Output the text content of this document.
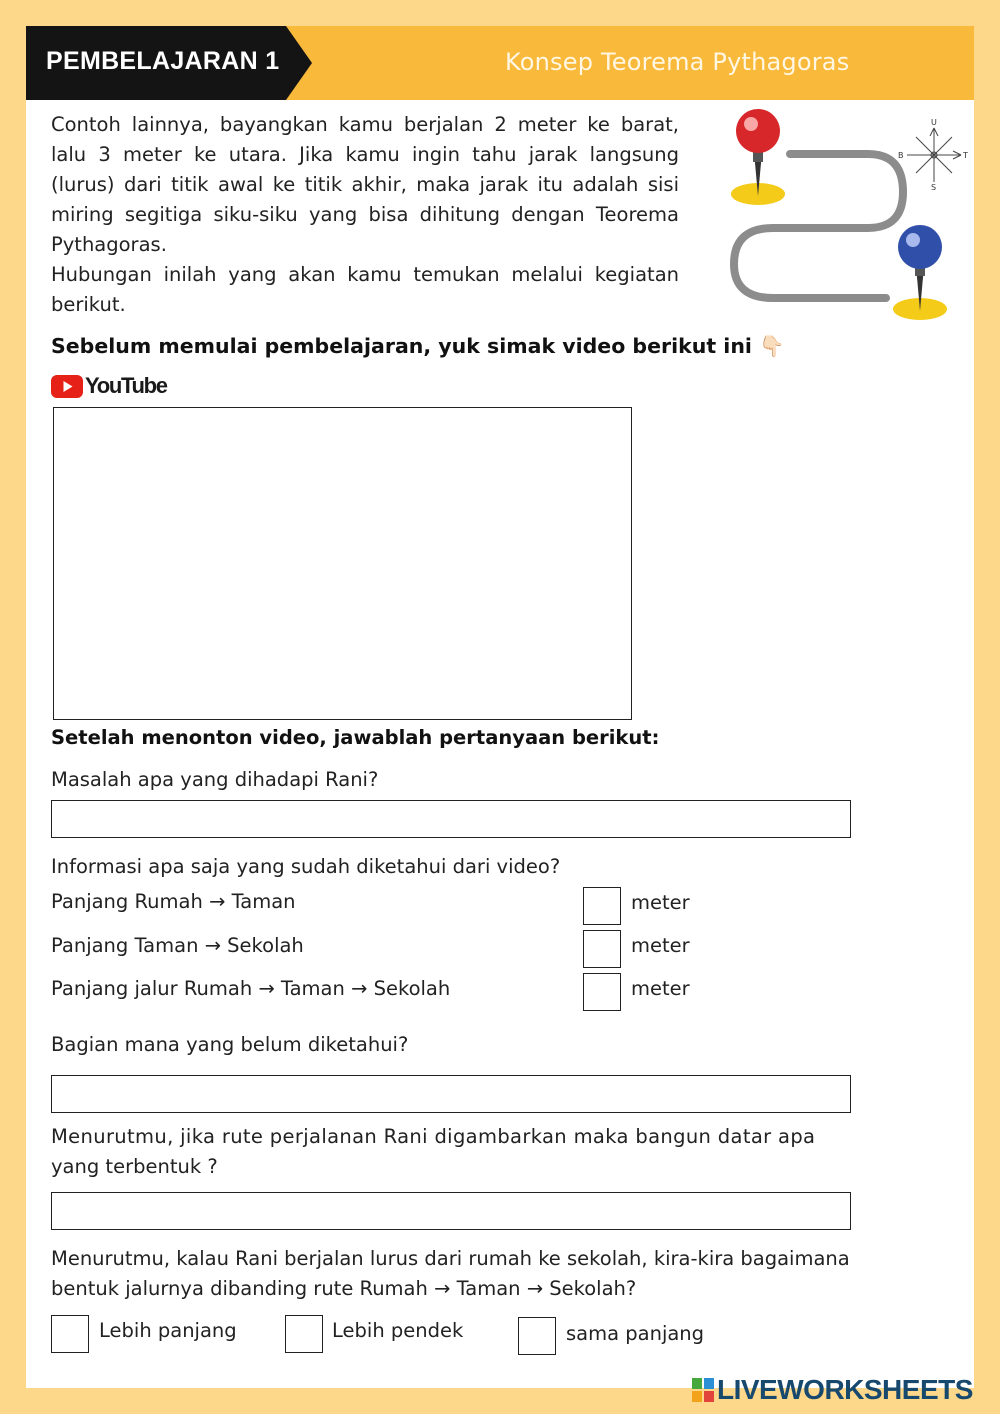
PEMBELAJARAN 1	Konsep Teorema Pythagoras

Contoh lainnya, bayangkan kamu berjalan 2 meter ke barat, lalu 3 meter ke utara. Jika kamu ingin tahu jarak langsung (lurus) dari titik awal ke titik akhir, maka jarak itu adalah sisi miring segitiga siku-siku yang bisa dihitung dengan Teorema Pythagoras.

Hubungan inilah yang akan kamu temukan melalui kegiatan berikut.

U
B	T
S
Sebelum memulai pembelajaran, yuk simak video berikut ini 👇🏻
YouTube
Setelah menonton video, jawablah pertanyaan berikut:
Masalah apa yang dihadapi Rani?
Informasi apa saja yang sudah diketahui dari video?
Panjang Rumah → Taman	meter
Panjang Taman → Sekolah	meter
Panjang jalur Rumah → Taman → Sekolah	meter
Bagian mana yang belum diketahui?
Menurutmu, jika rute perjalanan Rani digambarkan maka bangun datar apa
yang terbentuk ?
Menurutmu, kalau Rani berjalan lurus dari rumah ke sekolah, kira-kira bagaimana
bentuk jalurnya dibanding rute Rumah → Taman → Sekolah?
Lebih panjang	Lebih pendek	sama panjang
LIVEWORKSHEETS
